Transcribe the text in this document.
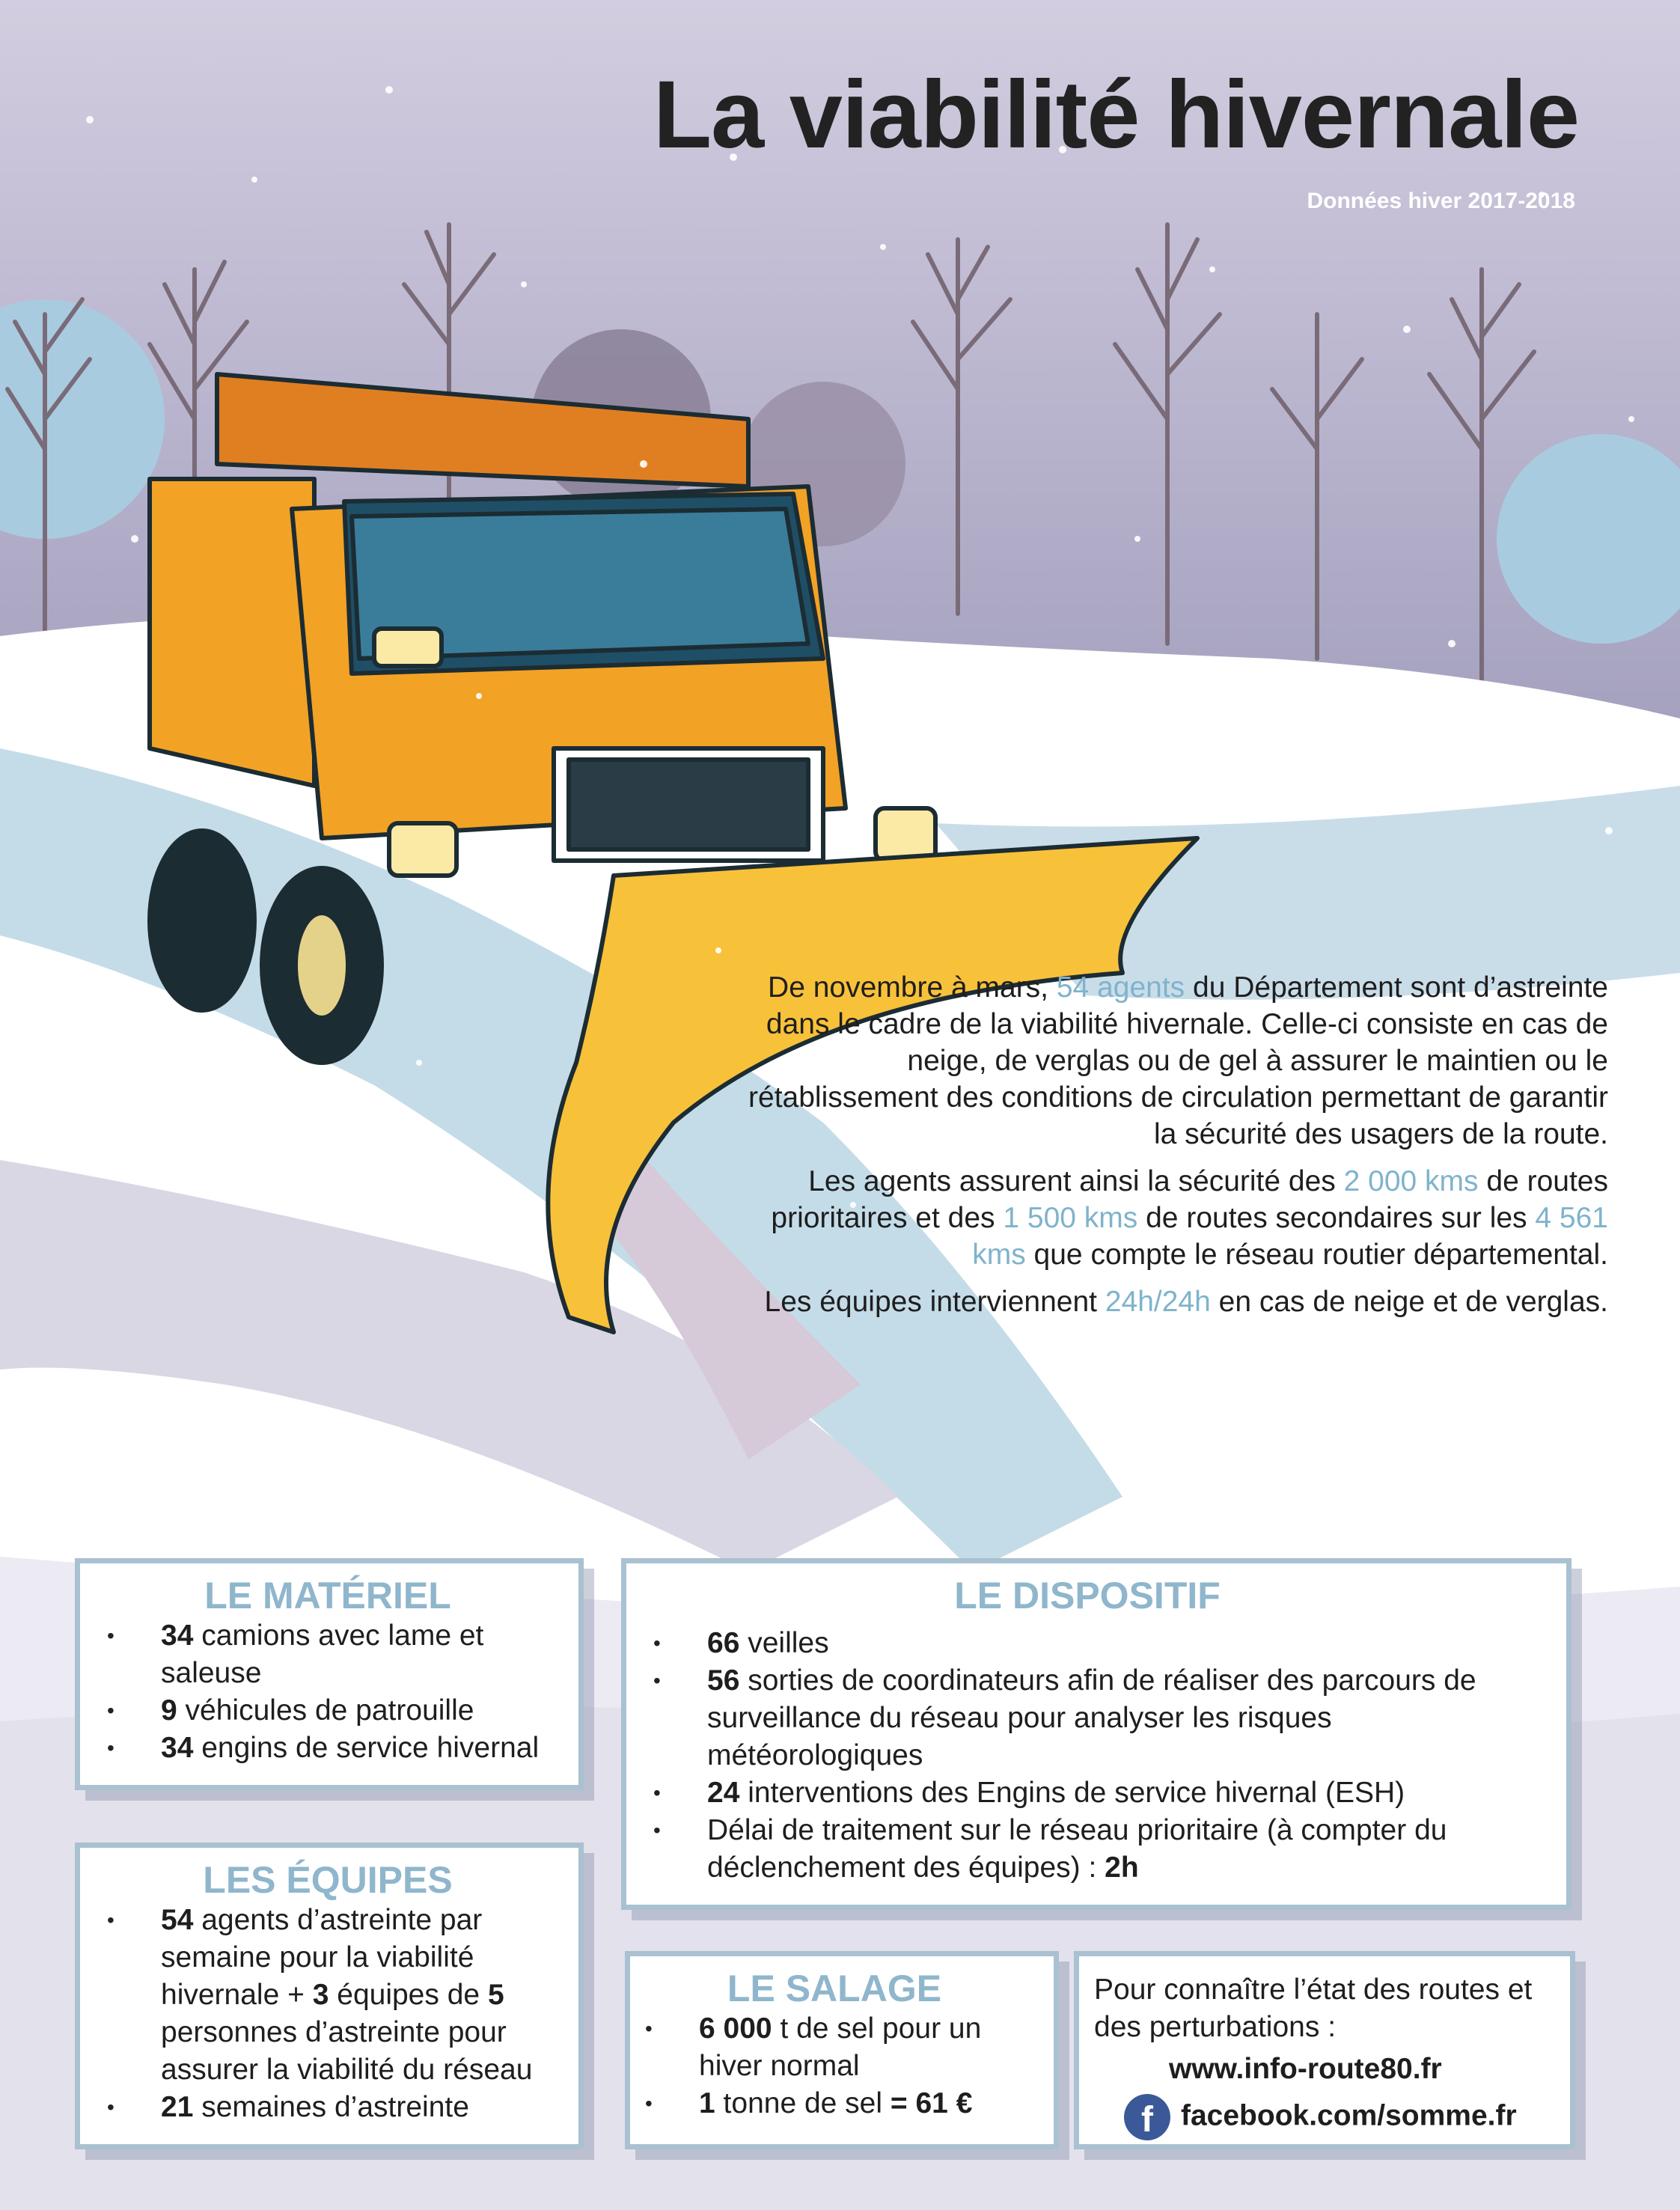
La viabilité hivernale
Données hiver 2017-2018

De novembre à mars, 54 agents du Département sont d’astreinte dans le cadre de la viabilité hivernale. Celle-ci consiste en cas de neige, de verglas ou de gel à assurer le maintien ou le rétablissement des conditions de circulation permettant de garantir la sécurité des usagers de la route.

Les agents assurent ainsi la sécurité des 2 000 kms de routes prioritaires et des 1 500 kms de routes secondaires sur les 4 561 kms que compte le réseau routier départemental.

Les équipes interviennent 24h/24h en cas de neige et de verglas.

LE MATÉRIEL
• 34 camions avec lame et saleuse
• 9 véhicules de patrouille
• 34 engins de service hivernal
LE DISPOSITIF
• 66 veilles
• 56 sorties de coordinateurs afin de réaliser des parcours de surveillance du réseau pour analyser les risques météorologiques
• 24 interventions des Engins de service hivernal (ESH)
• Délai de traitement sur le réseau prioritaire (à compter du déclenchement des équipes) : 2h
LES ÉQUIPES
• 54 agents d’astreinte par semaine pour la viabilité hivernale + 3 équipes de 5 personnes d’astreinte pour assurer la viabilité du réseau
• 21 semaines d’astreinte
LE SALAGE
• 6 000 t de sel pour un hiver normal
• 1 tonne de sel = 61 €
Pour connaître l’état des routes et des perturbations :
www.info-route80.fr
f facebook.com/somme.fr
